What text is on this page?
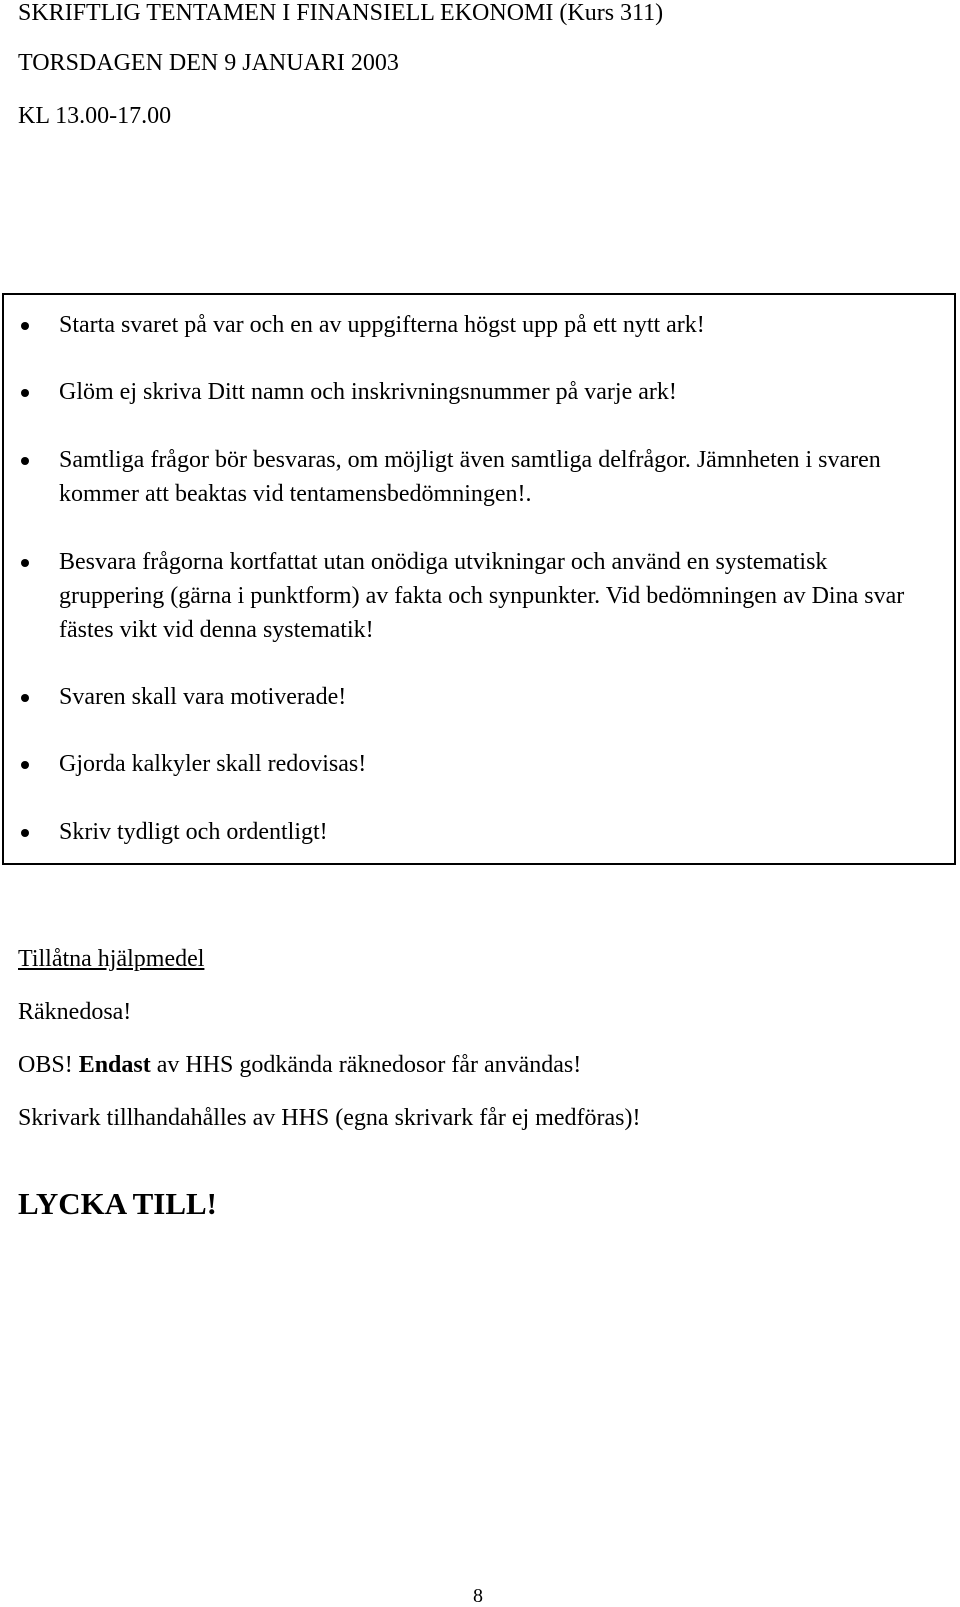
SKRIFTLIG TENTAMEN I FINANSIELL EKONOMI (Kurs 311)
TORSDAGEN DEN 9 JANUARI 2003
KL 13.00-17.00
Starta svaret på var och en av uppgifterna högst upp på ett nytt ark!
Glöm ej skriva Ditt namn och inskrivningsnummer på varje ark!
Samtliga frågor bör besvaras, om möjligt även samtliga delfrågor. Jämnheten i svaren kommer att beaktas vid tentamensbedömningen!.
Besvara frågorna kortfattat utan onödiga utvikningar och använd en systematisk gruppering (gärna i punktform) av fakta och synpunkter. Vid bedömningen av Dina svar fästes vikt vid denna systematik!
Svaren skall vara motiverade!
Gjorda kalkyler skall redovisas!
Skriv tydligt och ordentligt!
Tillåtna hjälpmedel
Räknedosa!
OBS! Endast av HHS godkända räknedosor får användas!
Skrivark tillhandahålles av HHS (egna skrivark får ej medföras)!
LYCKA TILL!
8
